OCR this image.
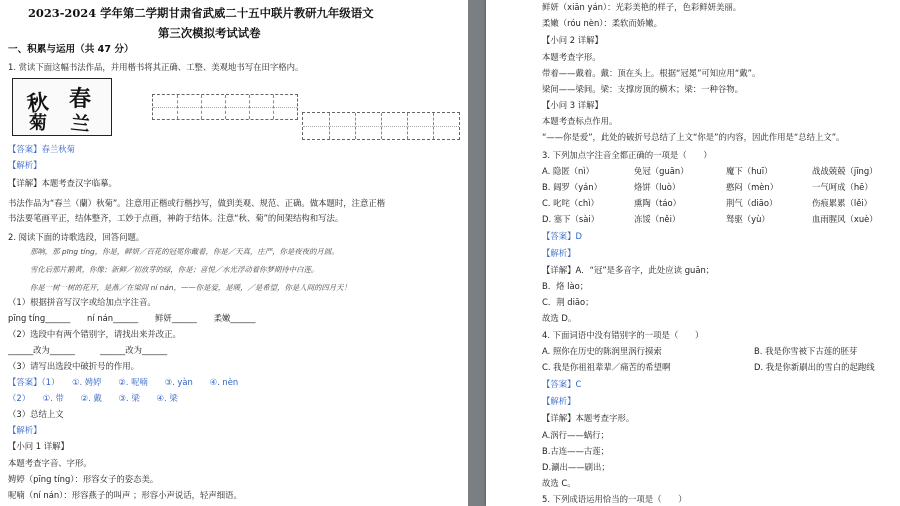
2023-2024 学年第二学期甘肃省武威二十五中联片教研九年级语文
第三次模拟考试试卷
一、积累与运用（共 47 分）
1. 赏读下面这幅书法作品，并用楷书将其正确、工整、美观地书写在田字格内。
秋 春
菊 兰
【答案】春兰秋菊
【解析】
【详解】本题考查汉字临摹。
书法作品为“春兰（蘭）秋菊”。注意用正楷或行楷抄写，做到美观、规范、正确。做本题时，注意正楷
书法要笔画平正，结体整齐，工妙于点画，神韵于结体。注意“秋、菊”的间架结构和写法。
2. 阅读下面的诗歌选段，回答问题。
那晌，那 pīng tíng，你是，鲜妍／百花的冠冕你戴着，你是／天真，庄严，你是夜夜的月圆。
雪化后那片鹅黄，你像；新鲜／初放芽的绿，你是；喜悦／水光浮动着你梦期待中白莲。
你是一树一树的花开，是燕／在梁间 ní nán，——你是爱，是暖，／是希望，你是人间的四月天！
（1）根据拼音写汉字或给加点字注音。
pīng tíng______　　ní nán______　　鲜妍______　　柔嫩______
（2）选段中有两个错别字，请找出来并改正。
______改为______　　　______改为______
（3）请写出选段中破折号的作用。
【答案】（1）　　①. 娉婷　　②. 呢喃　　③. yàn　　④. nèn
（2）　　①. 带　　②. 戴　　③. 梁　　④. 梁
（3）总结上文
【解析】
【小问 1 详解】
本题考查字音、字形。
娉婷（pīng tíng）：形容女子的姿态美。
呢喃（ní nán）：形容燕子的叫声 ；形容小声说话，轻声细语。
鲜妍（xiān yán）：光彩美艳的样子，色彩鲜妍美丽。
柔嫩（róu nèn）：柔软而娇嫩。
【小问 2 详解】
本题考查字形。
带着——戴着。戴：顶在头上。根据“冠冕”可知应用“戴”。
梁间——梁间。梁：支撑房顶的横木；梁：一种谷物。
【小问 3 详解】
本题考查标点作用。
“——你是爱”，此处的破折号总结了上文“你是”的内容，因此作用是“总结上文”。
3. 下列加点字注音全都正确的一项是（　　）
A. 隐匿（nì）	免冠（guān）	魔下（huī）	战战兢兢（jīng）
B. 阔罗（yán）	烙饼（luò）	憨闷（mèn）	一气呵成（hē）
C. 叱咤（chì）	熏陶（táo）	荆气（diāo）	伤痕累累（lěi）
D. 塞下（sài）	冻馁（něi）	驽驱（yù）	血雨腥风（xuè）
【答案】D
【解析】
【详解】A．“冠”是多音字，此处应读 guān；
B．烙 lào；
C．荆 diāo；
故选 D。
4. 下面词语中没有错别字的一项是（　　）
A. 照你在历史的陈润里涡行摸索	B. 我是你雪被下古莲的胚芽
C. 我是你祖祖辈辈／痛苦的希望啊	D. 我是你新刷出的雪白的起跑线
【答案】C
【解析】
【详解】本题考查字形。
A.涡行——蜗行；
B.古连——古莲；
D.涮出——刷出；
故选 C。
5. 下列成语运用恰当的一项是（　　）
